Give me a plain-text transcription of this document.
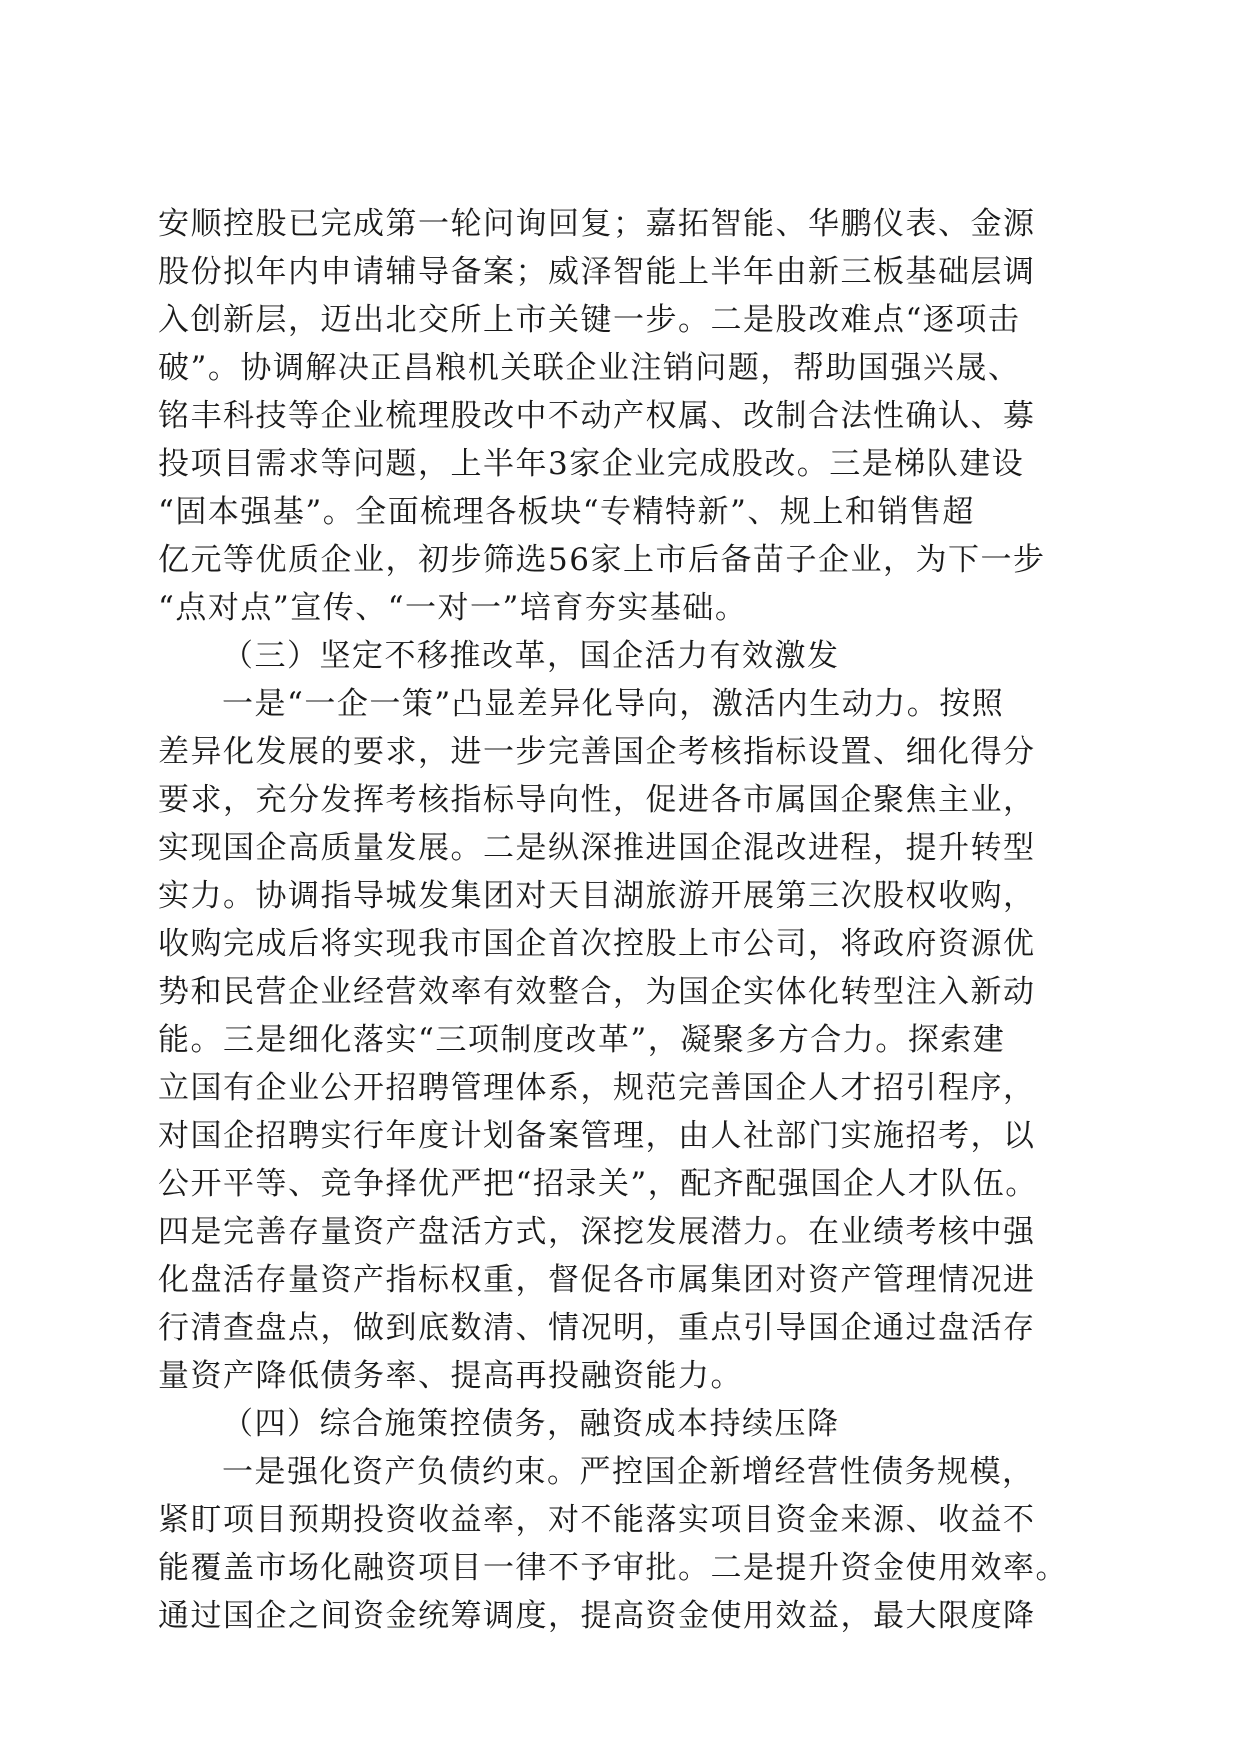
安顺控股已完成第一轮问询回复；嘉拓智能、华鹏仪表、金源
股份拟年内申请辅导备案；威泽智能上半年由新三板基础层调
入创新层，迈出北交所上市关键一步。二是股改难点“逐项击
破”。协调解决正昌粮机关联企业注销问题，帮助国强兴晟、
铭丰科技等企业梳理股改中不动产权属、改制合法性确认、募
投项目需求等问题，上半年3家企业完成股改。三是梯队建设
“固本强基”。全面梳理各板块“专精特新”、规上和销售超
亿元等优质企业，初步筛选56家上市后备苗子企业，为下一步
“点对点”宣传、“一对一”培育夯实基础。
（三）坚定不移推改革，国企活力有效激发
一是“一企一策”凸显差异化导向，激活内生动力。按照
差异化发展的要求，进一步完善国企考核指标设置、细化得分
要求，充分发挥考核指标导向性，促进各市属国企聚焦主业，
实现国企高质量发展。二是纵深推进国企混改进程，提升转型
实力。协调指导城发集团对天目湖旅游开展第三次股权收购，
收购完成后将实现我市国企首次控股上市公司，将政府资源优
势和民营企业经营效率有效整合，为国企实体化转型注入新动
能。三是细化落实“三项制度改革”，凝聚多方合力。探索建
立国有企业公开招聘管理体系，规范完善国企人才招引程序，
对国企招聘实行年度计划备案管理，由人社部门实施招考，以
公开平等、竞争择优严把“招录关”，配齐配强国企人才队伍。
四是完善存量资产盘活方式，深挖发展潜力。在业绩考核中强
化盘活存量资产指标权重，督促各市属集团对资产管理情况进
行清查盘点，做到底数清、情况明，重点引导国企通过盘活存
量资产降低债务率、提高再投融资能力。
（四）综合施策控债务，融资成本持续压降
一是强化资产负债约束。严控国企新增经营性债务规模，
紧盯项目预期投资收益率，对不能落实项目资金来源、收益不
能覆盖市场化融资项目一律不予审批。二是提升资金使用效率。
通过国企之间资金统筹调度，提高资金使用效益，最大限度降
